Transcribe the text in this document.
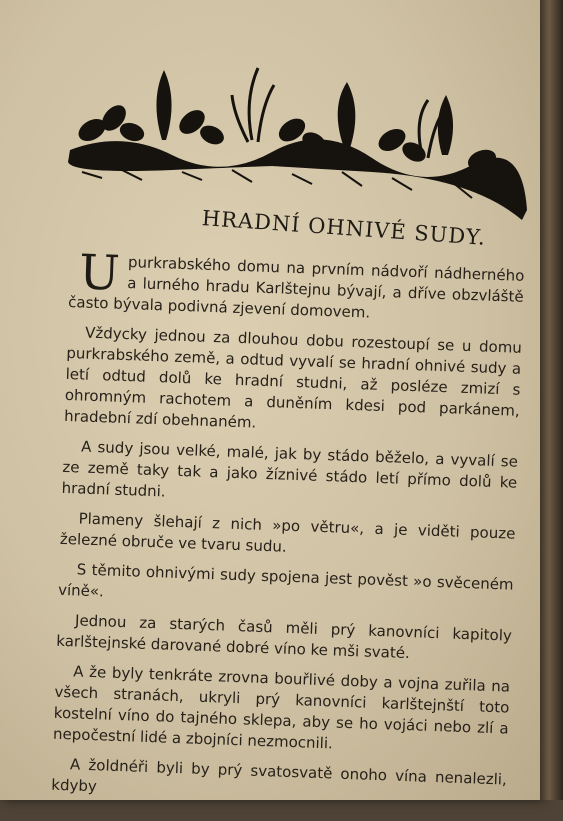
HRADNÍ OHNIVÉ SUDY.

U purkrabského domu na prvním nádvoří nádherného a lurného hradu Karlštejnu bývají, a dříve obzvláště často bývala podivná zjevení domovem.

Vždycky jednou za dlouhou dobu rozestoupí se u domu purkrabského země, a odtud vyvalí se hradní ohnivé sudy a letí odtud dolů ke hradní studni, až posléze zmizí s ohromným rachotem a duněním kdesi pod parkánem, hradební zdí obehnaném.

A sudy jsou velké, malé, jak by stádo běželo, a vyvalí se ze země taky tak a jako žíznivé stádo letí přímo dolů ke hradní studni.

Plameny šlehají z nich »po větru«, a je viděti pouze železné obruče ve tvaru sudu.

S těmito ohnivými sudy spojena jest pověst »o svěceném víně«.

Jednou za starých časů měli prý kanovníci kapitoly karlštejnské darované dobré víno ke mši svaté.

A že byly tenkráte zrovna bouřlivé doby a vojna zuřila na všech stranách, ukryli prý kanovníci karlštejnští toto kostelní víno do tajného sklepa, aby se ho vojáci nebo zlí a nepočestní lidé a zbojníci nezmocnili.

A žoldnéři byli by prý svatosvatě onoho vína nenalezli, kdyby
